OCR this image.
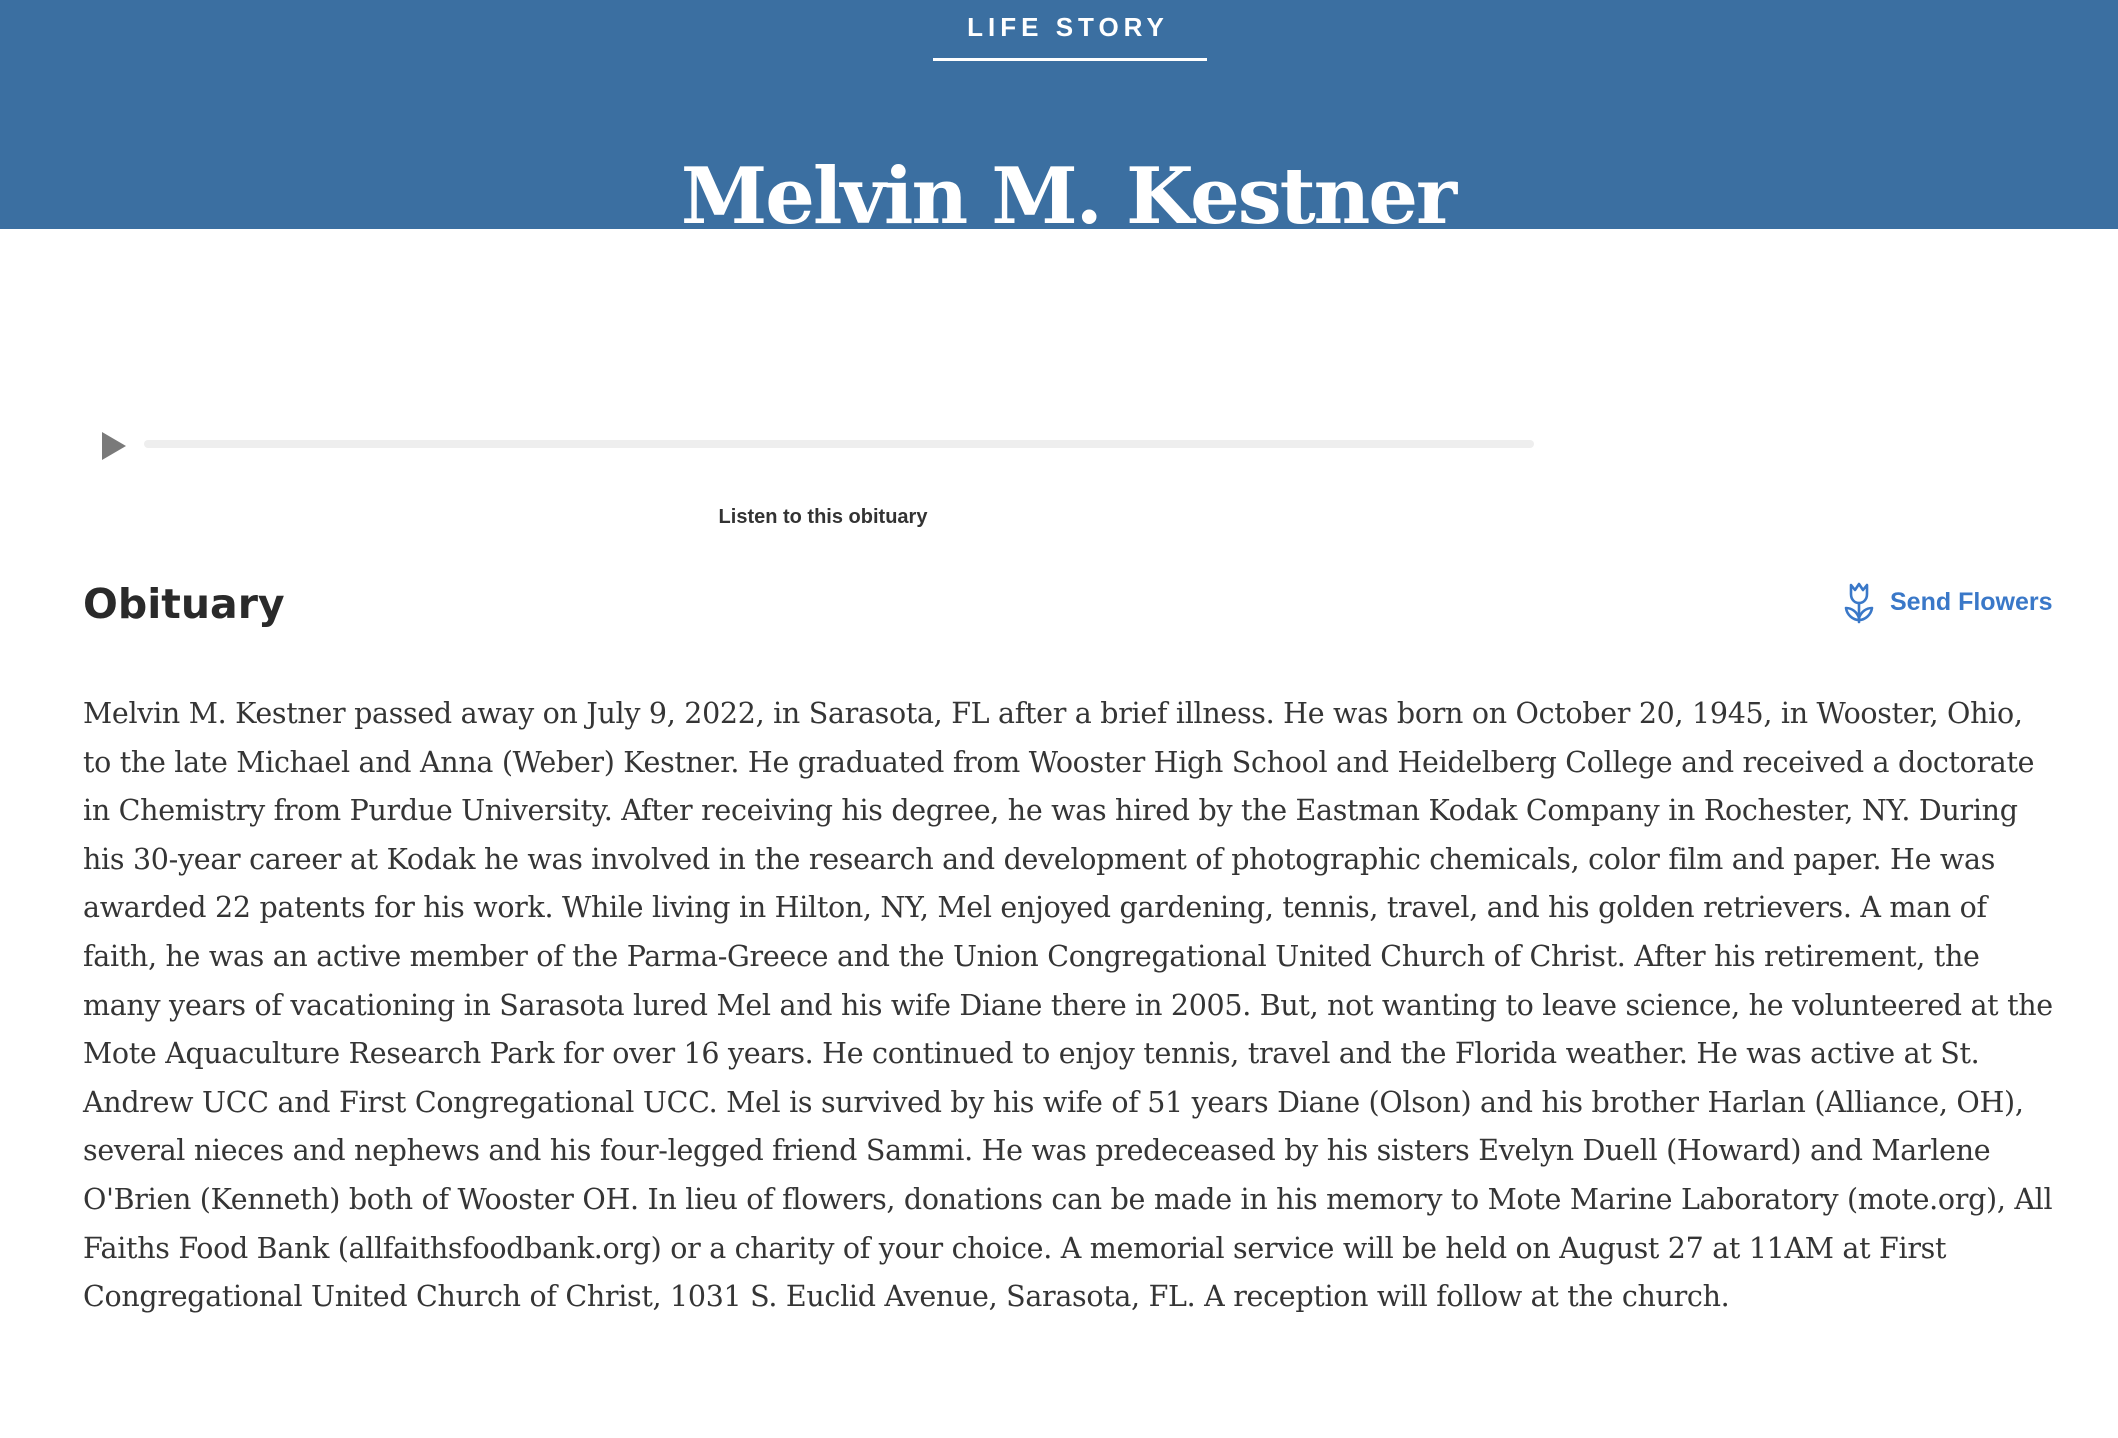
LIFE STORY
Melvin M. Kestner
Listen to this obituary
Obituary	Send Flowers

Melvin M. Kestner passed away on July 9, 2022, in Sarasota, FL after a brief illness. He was born on October 20, 1945, in Wooster, Ohio, to the late Michael and Anna (Weber) Kestner. He graduated from Wooster High School and Heidelberg College and received a doctorate in Chemistry from Purdue University. After receiving his degree, he was hired by the Eastman Kodak Company in Rochester, NY. During his 30-year career at Kodak he was involved in the research and development of photographic chemicals, color film and paper. He was awarded 22 patents for his work. While living in Hilton, NY, Mel enjoyed gardening, tennis, travel, and his golden retrievers. A man of faith, he was an active member of the Parma-Greece and the Union Congregational United Church of Christ. After his retirement, the many years of vacationing in Sarasota lured Mel and his wife Diane there in 2005. But, not wanting to leave science, he volunteered at the Mote Aquaculture Research Park for over 16 years. He continued to enjoy tennis, travel and the Florida weather. He was active at St. Andrew UCC and First Congregational UCC. Mel is survived by his wife of 51 years Diane (Olson) and his brother Harlan (Alliance, OH), several nieces and nephews and his four-legged friend Sammi. He was predeceased by his sisters Evelyn Duell (Howard) and Marlene O'Brien (Kenneth) both of Wooster OH. In lieu of flowers, donations can be made in his memory to Mote Marine Laboratory (mote.org), All Faiths Food Bank (allfaithsfoodbank.org) or a charity of your choice. A memorial service will be held on August 27 at 11AM at First Congregational United Church of Christ, 1031 S. Euclid Avenue, Sarasota, FL. A reception will follow at the church.
